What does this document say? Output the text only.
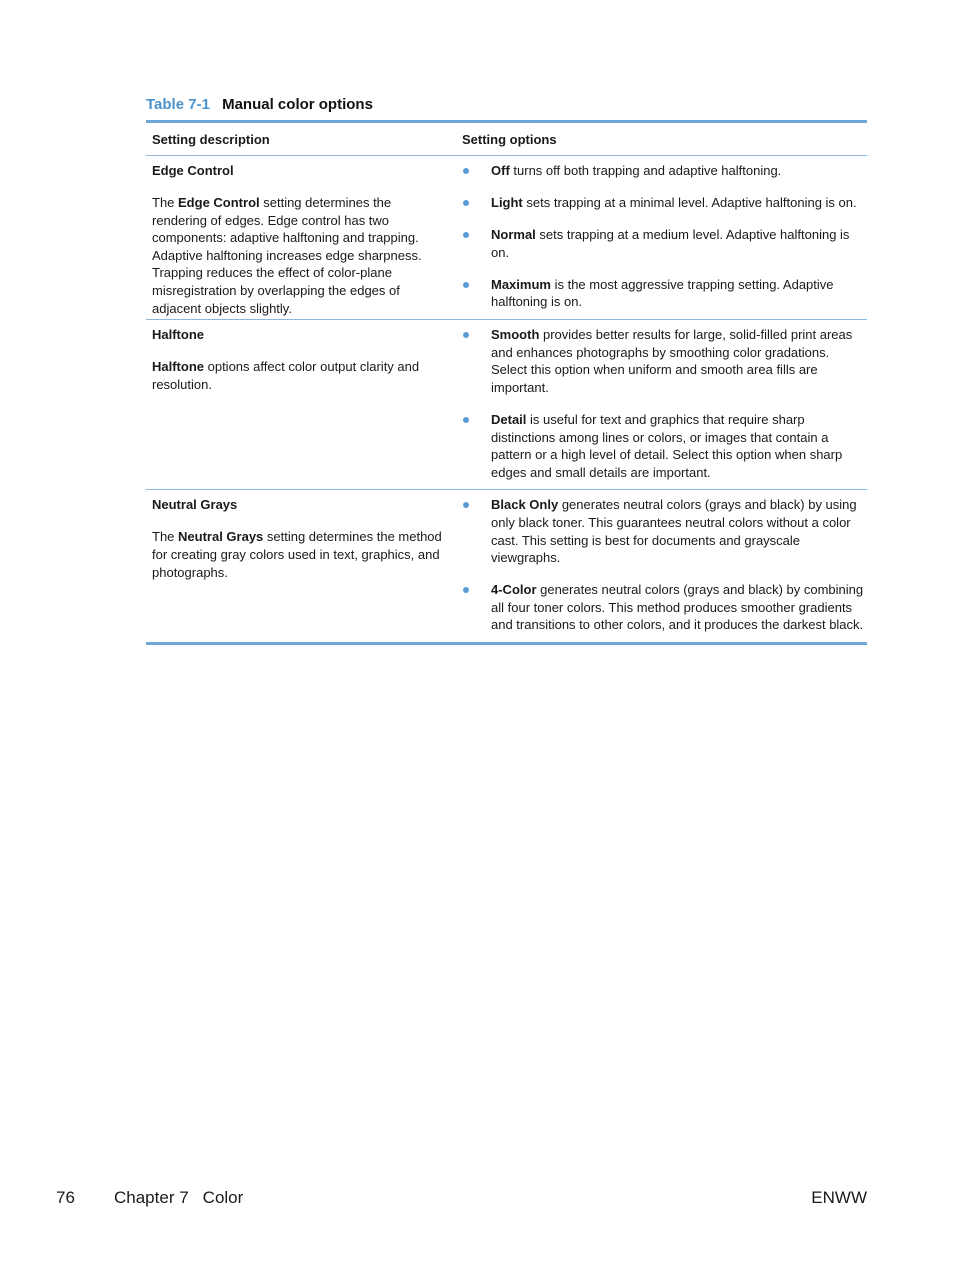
Table 7-1 Manual color options
Setting description	Setting options
Edge Control
The Edge Control setting determines the rendering of edges. Edge control has two components: adaptive halftoning and trapping. Adaptive halftoning increases edge sharpness. Trapping reduces the effect of color-plane misregistration by overlapping the edges of adjacent objects slightly.
Off turns off both trapping and adaptive halftoning.
Light sets trapping at a minimal level. Adaptive halftoning is on.
Normal sets trapping at a medium level. Adaptive halftoning is on.
Maximum is the most aggressive trapping setting. Adaptive halftoning is on.
Halftone
Halftone options affect color output clarity and resolution.
Smooth provides better results for large, solid-filled print areas and enhances photographs by smoothing color gradations. Select this option when uniform and smooth area fills are important.
Detail is useful for text and graphics that require sharp distinctions among lines or colors, or images that contain a pattern or a high level of detail. Select this option when sharp edges and small details are important.
Neutral Grays
The Neutral Grays setting determines the method for creating gray colors used in text, graphics, and photographs.
Black Only generates neutral colors (grays and black) by using only black toner. This guarantees neutral colors without a color cast. This setting is best for documents and grayscale viewgraphs.
4-Color generates neutral colors (grays and black) by combining all four toner colors. This method produces smoother gradients and transitions to other colors, and it produces the darkest black.
76 Chapter 7 Color	ENWW
